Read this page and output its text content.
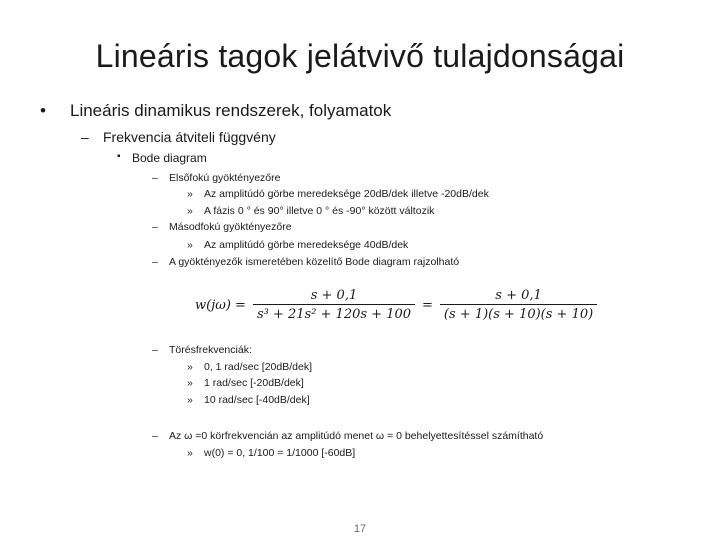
Lineáris tagok jelátvivő tulajdonságai
• Lineáris dinamikus rendszerek, folyamatok
– Frekvencia átviteli függvény
▪ Bode diagram
– Elsőfokú gyöktényezőre
» Az amplitúdó görbe meredeksége 20dB/dek illetve -20dB/dek
» A fázis 0 ° és 90° illetve 0 ° és -90° között változik
– Másodfokú gyöktényezőre
» Az amplitúdó görbe meredeksége 40dB/dek
– A gyöktényezők ismeretében közelítő Bode diagram rajzolható
$w(j\omega) = \frac{s + 0,1}{\text{s³ + 21s² + 120s + 100}} = \frac{s + 0,1}{(s + 1)(s + 10)(s + 10)}$
– Törésfrekvenciák:
» 0, 1 rad/sec [20dB/dek]
» 1 rad/sec [-20dB/dek]
» 10 rad/sec [-40dB/dek]
– Az ω =0 körfrekvencián az amplitúdó menet ω = 0 behelyettesítéssel számítható
» w(0) = 0, 1/100 = 1/1000 [-60dB]
17
